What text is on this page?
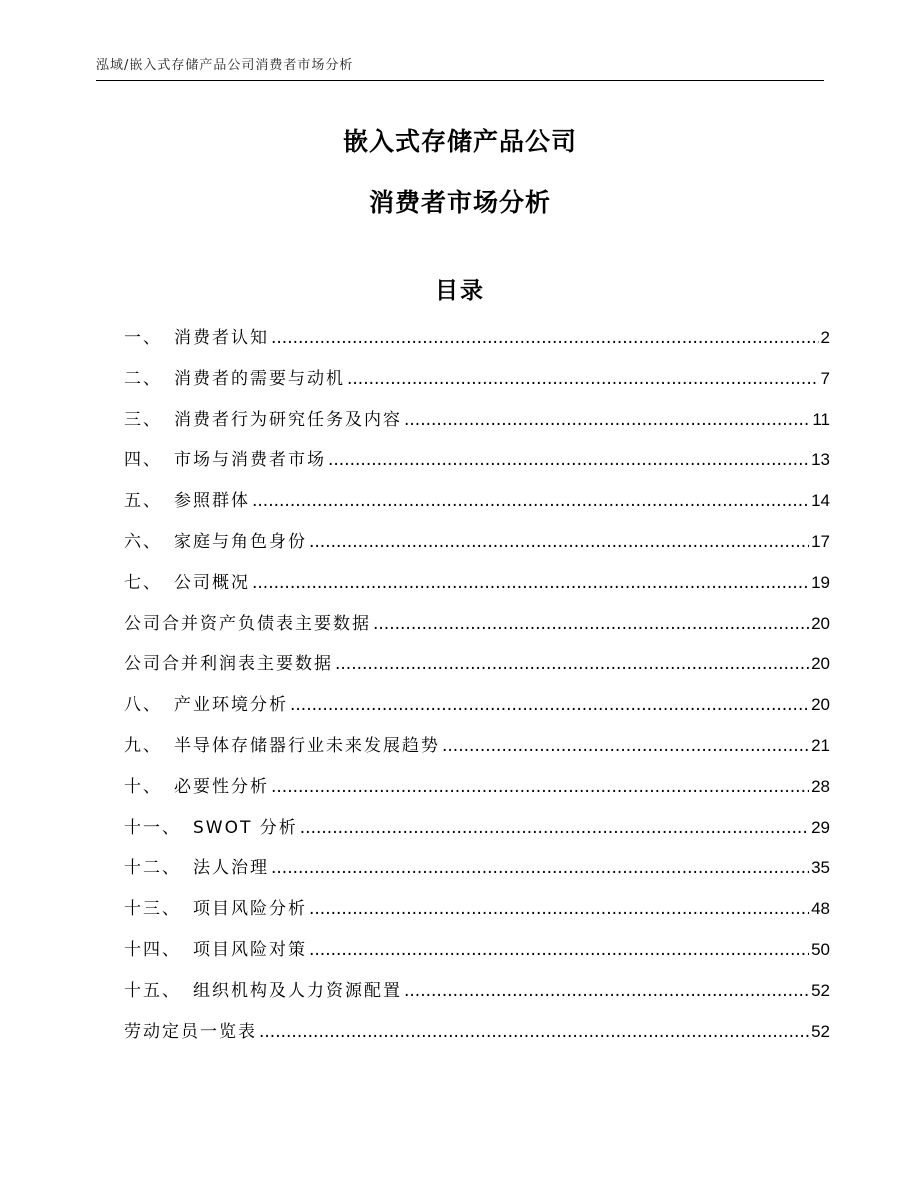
泓域/嵌入式存储产品公司消费者市场分析
嵌入式存储产品公司
消费者市场分析
目录
一、 消费者认知 .....	2
二、 消费者的需要与动机 .....	7
三、 消费者行为研究任务及内容 .....	11
四、 市场与消费者市场 .....	13
五、 参照群体 .....	14
六、 家庭与角色身份 .....	17
七、 公司概况 .....	19
公司合并资产负债表主要数据 .....	20
公司合并利润表主要数据 .....	20
八、 产业环境分析 .....	20
九、 半导体存储器行业未来发展趋势 .....	21
十、 必要性分析 .....	28
十一、 SWOT 分析 .....	29
十二、 法人治理 .....	35
十三、 项目风险分析 .....	48
十四、 项目风险对策 .....	50
十五、 组织机构及人力资源配置 .....	52
劳动定员一览表 .....	52
